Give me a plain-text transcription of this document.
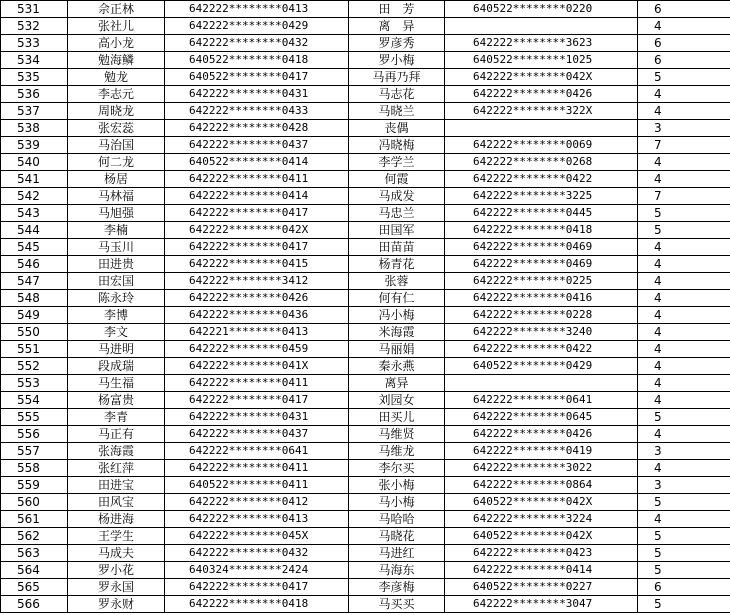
531	佘正林	642222********0413	田　芳	640522********0220	6
532	张社儿	642222********0429	离　异		4
533	高小龙	642222********0432	罗彦秀	642222********3623	6
534	勉海鳞	640522********0418	罗小梅	640522********1025	6
535	勉龙	640522********0417	马再乃拜	642222********042X	5
536	李志元	642222********0431	马志花	642222********0426	4
537	周晓龙	642222********0433	马晓兰	642222********322X	4
538	张宏蕊	642222********0428	丧偶		3
539	马治国	642222********0437	冯晓梅	642222********0069	7
540	何二龙	640522********0414	李学兰	642222********0268	4
541	杨居	642222********0411	何霞	642222********0422	4
542	马林福	642222********0414	马成发	642222********3225	7
543	马旭强	642222********0417	马忠兰	642222********0445	5
544	李楠	642222********042X	田国军	642222********0418	5
545	马玉川	642222********0417	田苗苗	642222********0469	4
546	田进贵	642222********0415	杨青花	642222********0469	4
547	田宏国	642222********3412	张蓉	642222********0225	4
548	陈永玲	642222********0426	何有仁	642222********0416	4
549	李博	642222********0436	冯小梅	642222********0228	4
550	李文	642221********0413	米海霞	642222********3240	4
551	马进明	642222********0459	马丽娟	642222********0422	4
552	段成瑞	642222********041X	秦永燕	640522********0429	4
553	马生福	642222********0411	离异		4
554	杨富贵	642222********0417	刘园女	642222********0641	4
555	李青	642222********0431	田买儿	642222********0645	5
556	马正有	642222********0437	马维贤	642222********0426	4
557	张海霞	642222********0641	马维龙	642222********0419	3
558	张红萍	642222********0411	李尔买	642222********3022	4
559	田进宝	640522********0411	张小梅	642222********0864	3
560	田风宝	642222********0412	马小梅	640522********042X	5
561	杨进海	642222********0413	马哈哈	642222********3224	4
562	王学生	642222********045X	马晓花	640522********042X	5
563	马成夫	642222********0432	马进红	642222********0423	5
564	罗小花	640324********2424	马海东	642222********0414	5
565	罗永国	642222********0417	李彦梅	640522********0227	6
566	罗永财	642222********0418	马买买	642222********3047	5
